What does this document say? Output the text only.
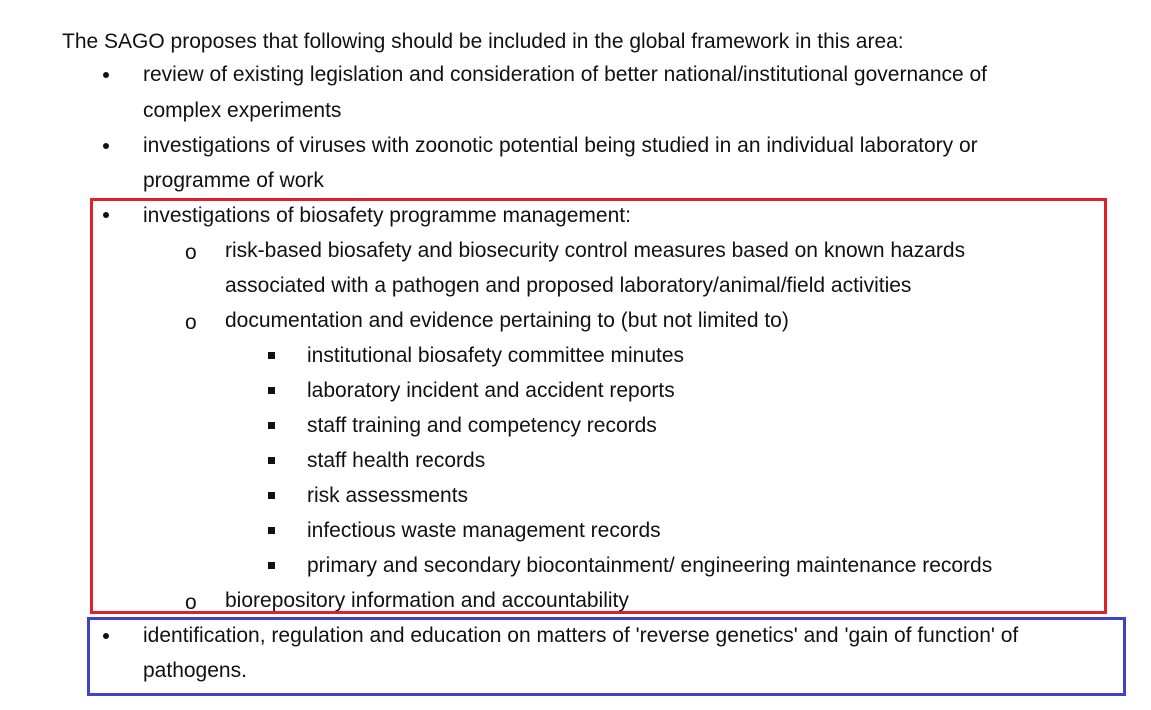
The SAGO proposes that following should be included in the global framework in this area:
review of existing legislation and consideration of better national/institutional governance of
complex experiments
investigations of viruses with zoonotic potential being studied in an individual laboratory or
programme of work
investigations of biosafety programme management:
o risk-based biosafety and biosecurity control measures based on known hazards
associated with a pathogen and proposed laboratory/animal/field activities
o documentation and evidence pertaining to (but not limited to)
institutional biosafety committee minutes
laboratory incident and accident reports
staff training and competency records
staff health records
risk assessments
infectious waste management records
primary and secondary biocontainment/ engineering maintenance records
o biorepository information and accountability
identification, regulation and education on matters of 'reverse genetics' and 'gain of function' of
pathogens.
